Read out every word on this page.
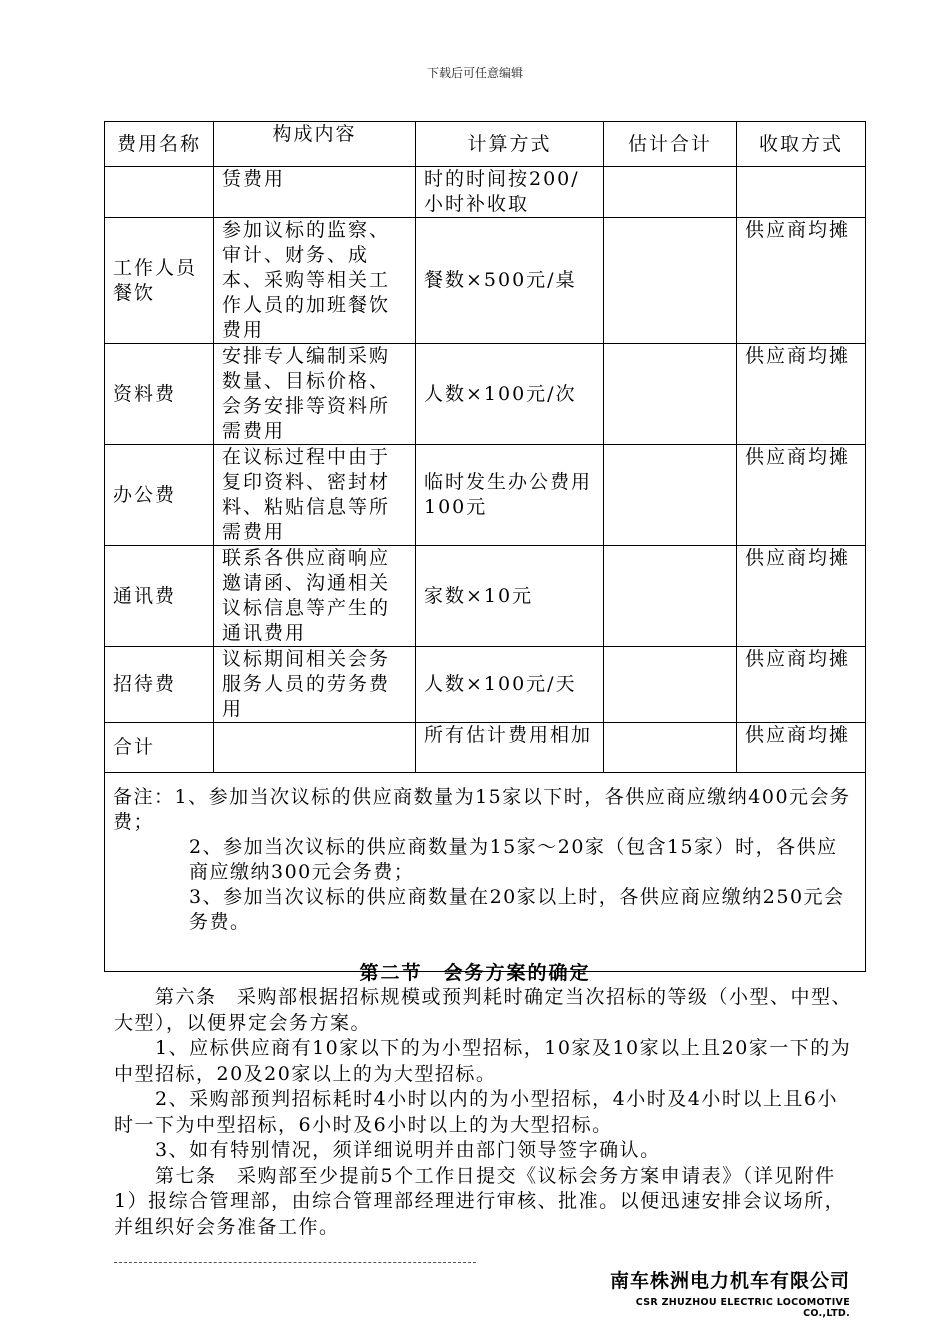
下载后可任意编辑
费用名称	构成内容	计算方式	估计合计	收取方式
	赁费用	时的时间按200/小时补收取		
工作人员餐饮	参加议标的监察、审计、财务、成本、采购等相关工作人员的加班餐饮费用	餐数×500元/桌		供应商均摊
资料费	安排专人编制采购数量、目标价格、会务安排等资料所需费用	人数×100元/次		供应商均摊
办公费	在议标过程中由于复印资料、密封材料、粘贴信息等所需费用	临时发生办公费用100元		供应商均摊
通讯费	联系各供应商响应邀请函、沟通相关议标信息等产生的通讯费用	家数×10元		供应商均摊
招待费	议标期间相关会务服务人员的劳务费用	人数×100元/天		供应商均摊
合计		所有估计费用相加		供应商均摊

备注：1、参加当次议标的供应商数量为15家以下时，各供应商应缴纳400元会务费；

2、参加当次议标的供应商数量为15家～20家（包含15家）时，各供应商应缴纳300元会务费；

3、参加当次议标的供应商数量在20家以上时，各供应商应缴纳250元会务费。				

第二节　会务方案的确定

　　第六条　采购部根据招标规模或预判耗时确定当次招标的等级（小型、中型、大型），以便界定会务方案。

　　1、应标供应商有10家以下的为小型招标，10家及10家以上且20家一下的为中型招标，20及20家以上的为大型招标。

　　2、采购部预判招标耗时4小时以内的为小型招标，4小时及4小时以上且6小时一下为中型招标，6小时及6小时以上的为大型招标。

　　3、如有特别情况，须详细说明并由部门领导签字确认。

　　第七条　采购部至少提前5个工作日提交《议标会务方案申请表》（详见附件1）报综合管理部，由综合管理部经理进行审核、批准。以便迅速安排会议场所，并组织好会务准备工作。

南车株洲电力机车有限公司
CSR ZHUZHOU ELECTRIC LOCOMOTIVE CO.,LTD.
